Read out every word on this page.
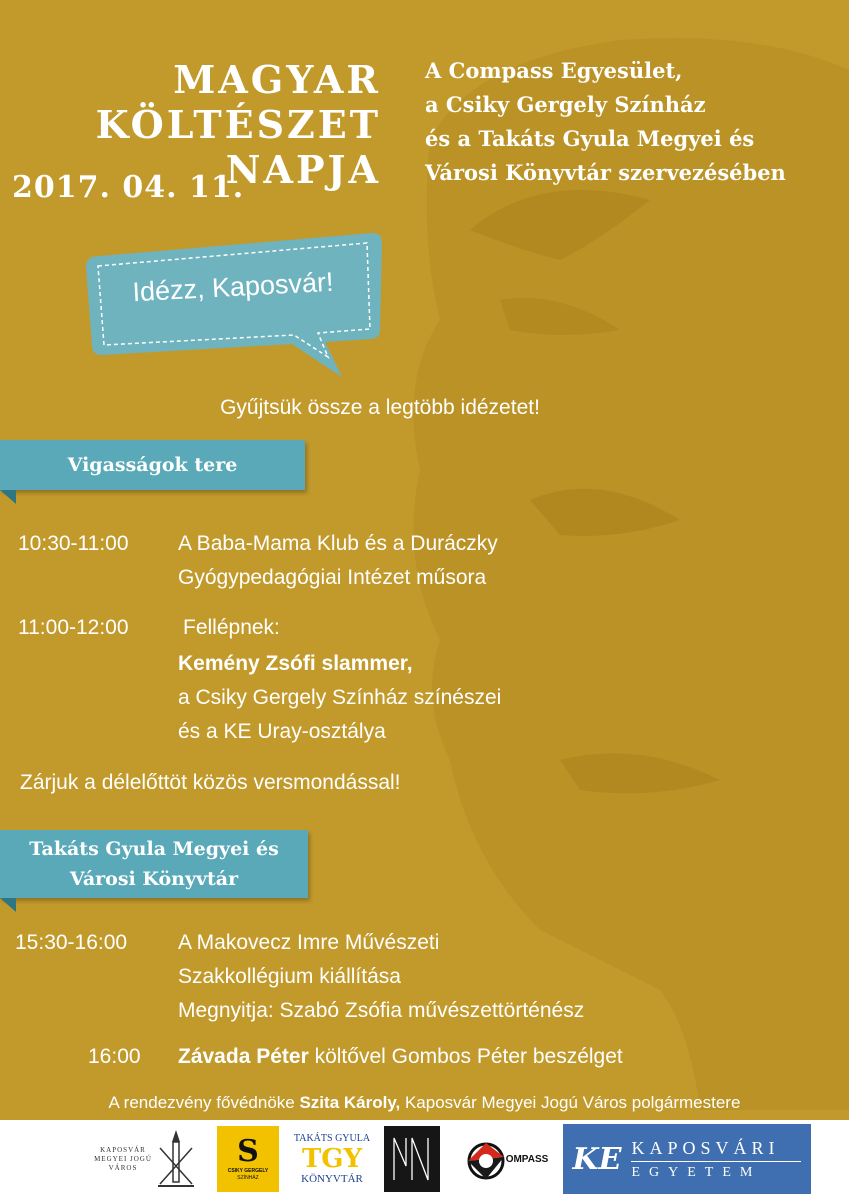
MAGYAR
KÖLTÉSZET
NAPJA
2017. 04. 11.
A Compass Egyesület,
a Csiky Gergely Színház
és a Takáts Gyula Megyei és
Városi Könyvtár szervezésében
Idézz, Kaposvár!
Gyűjtsük össze a legtöbb idézetet!
Vigasságok tere
10:30-11:00 A Baba-Mama Klub és a Duráczky
Gyógypedagógiai Intézet műsora
11:00-12:00	Fellépnek:
Kemény Zsófi slammer,
a Csiky Gergely Színház színészei
és a KE Uray-osztálya
Zárjuk a délelőttöt közös versmondással!
Takáts Gyula Megyei és
Városi Könyvtár
15:30-16:00 A Makovecz Imre Művészeti
Szakkollégium kiállítása
Megnyitja: Szabó Zsófia művészettörténész
16:00 Závada Péter költővel Gombos Péter beszélget
A rendezvény fővédnöke Szita Károly, Kaposvár Megyei Jogú Város polgármestere
KAPOSVÁR
MEGYEI JOGÚ
VÁROS	S
CSIKY GERGELY
SZÍNHÁZ
TAKÁTS GYULA
TGY
KÖNYVTÁR
OMPASS KE KAPOSVÁRI
EGYETEM
